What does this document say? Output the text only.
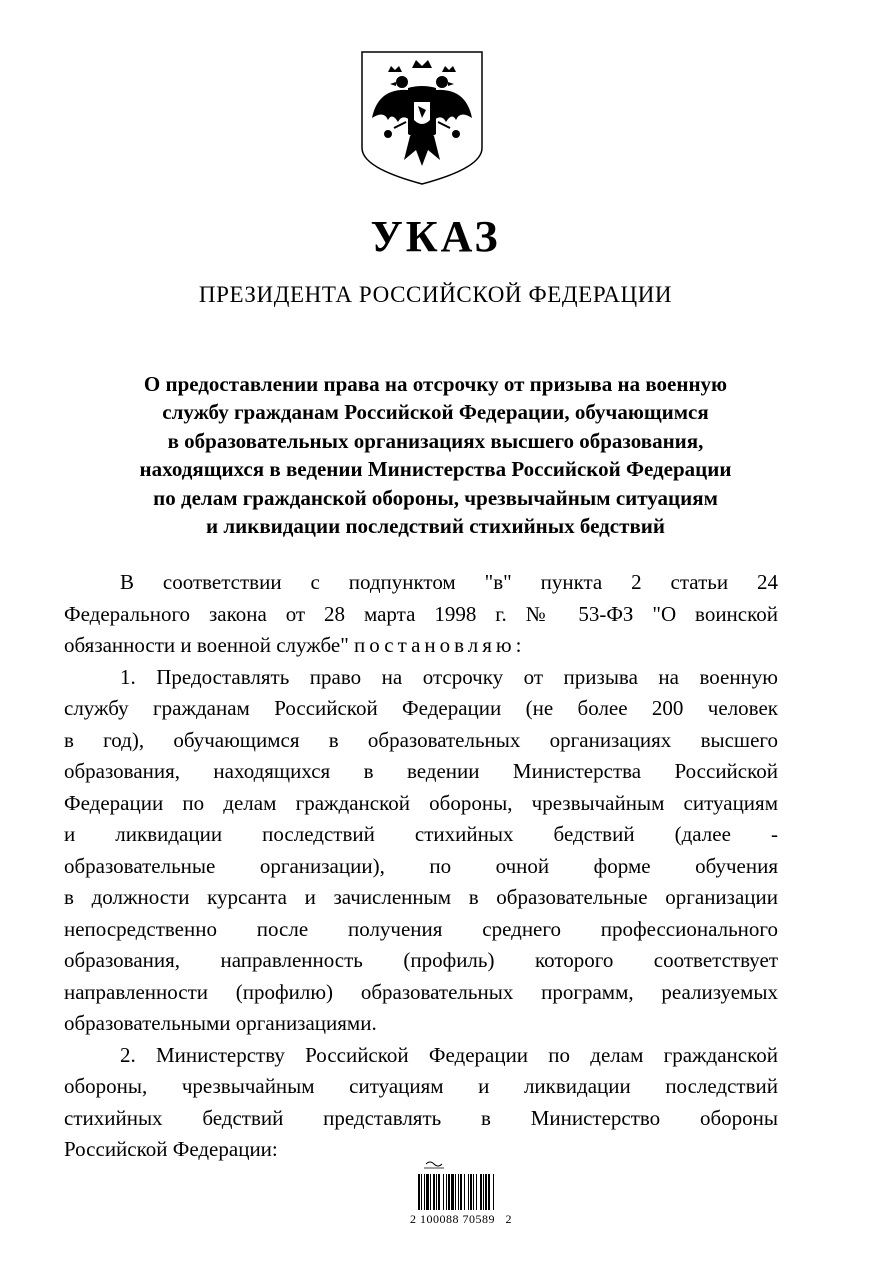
УКАЗ
ПРЕЗИДЕНТА РОССИЙСКОЙ ФЕДЕРАЦИИ
О предоставлении права на отсрочку от призыва на военную
службу гражданам Российской Федерации, обучающимся
в образовательных организациях высшего образования,
находящихся в ведении Министерства Российской Федерации
по делам гражданской обороны, чрезвычайным ситуациям
и ликвидации последствий стихийных бедствий
В соответствии с подпунктом "в" пункта 2 статьи 24
Федерального закона от 28 марта 1998 г. № 53-ФЗ "О воинской
обязанности и военной службе" постановляю:
1. Предоставлять право на отсрочку от призыва на военную
службу гражданам Российской Федерации (не более 200 человек
в год), обучающимся в образовательных организациях высшего
образования, находящихся в ведении Министерства Российской
Федерации по делам гражданской обороны, чрезвычайным ситуациям
и ликвидации последствий стихийных бедствий (далее -
образовательные организации), по очной форме обучения
в должности курсанта и зачисленным в образовательные организации
непосредственно после получения среднего профессионального
образования, направленность (профиль) которого соответствует
направленности (профилю) образовательных программ, реализуемых
образовательными организациями.
2. Министерству Российской Федерации по делам гражданской
обороны, чрезвычайным ситуациям и ликвидации последствий
стихийных бедствий представлять в Министерство обороны
Российской Федерации:
2 100088 70589   2
